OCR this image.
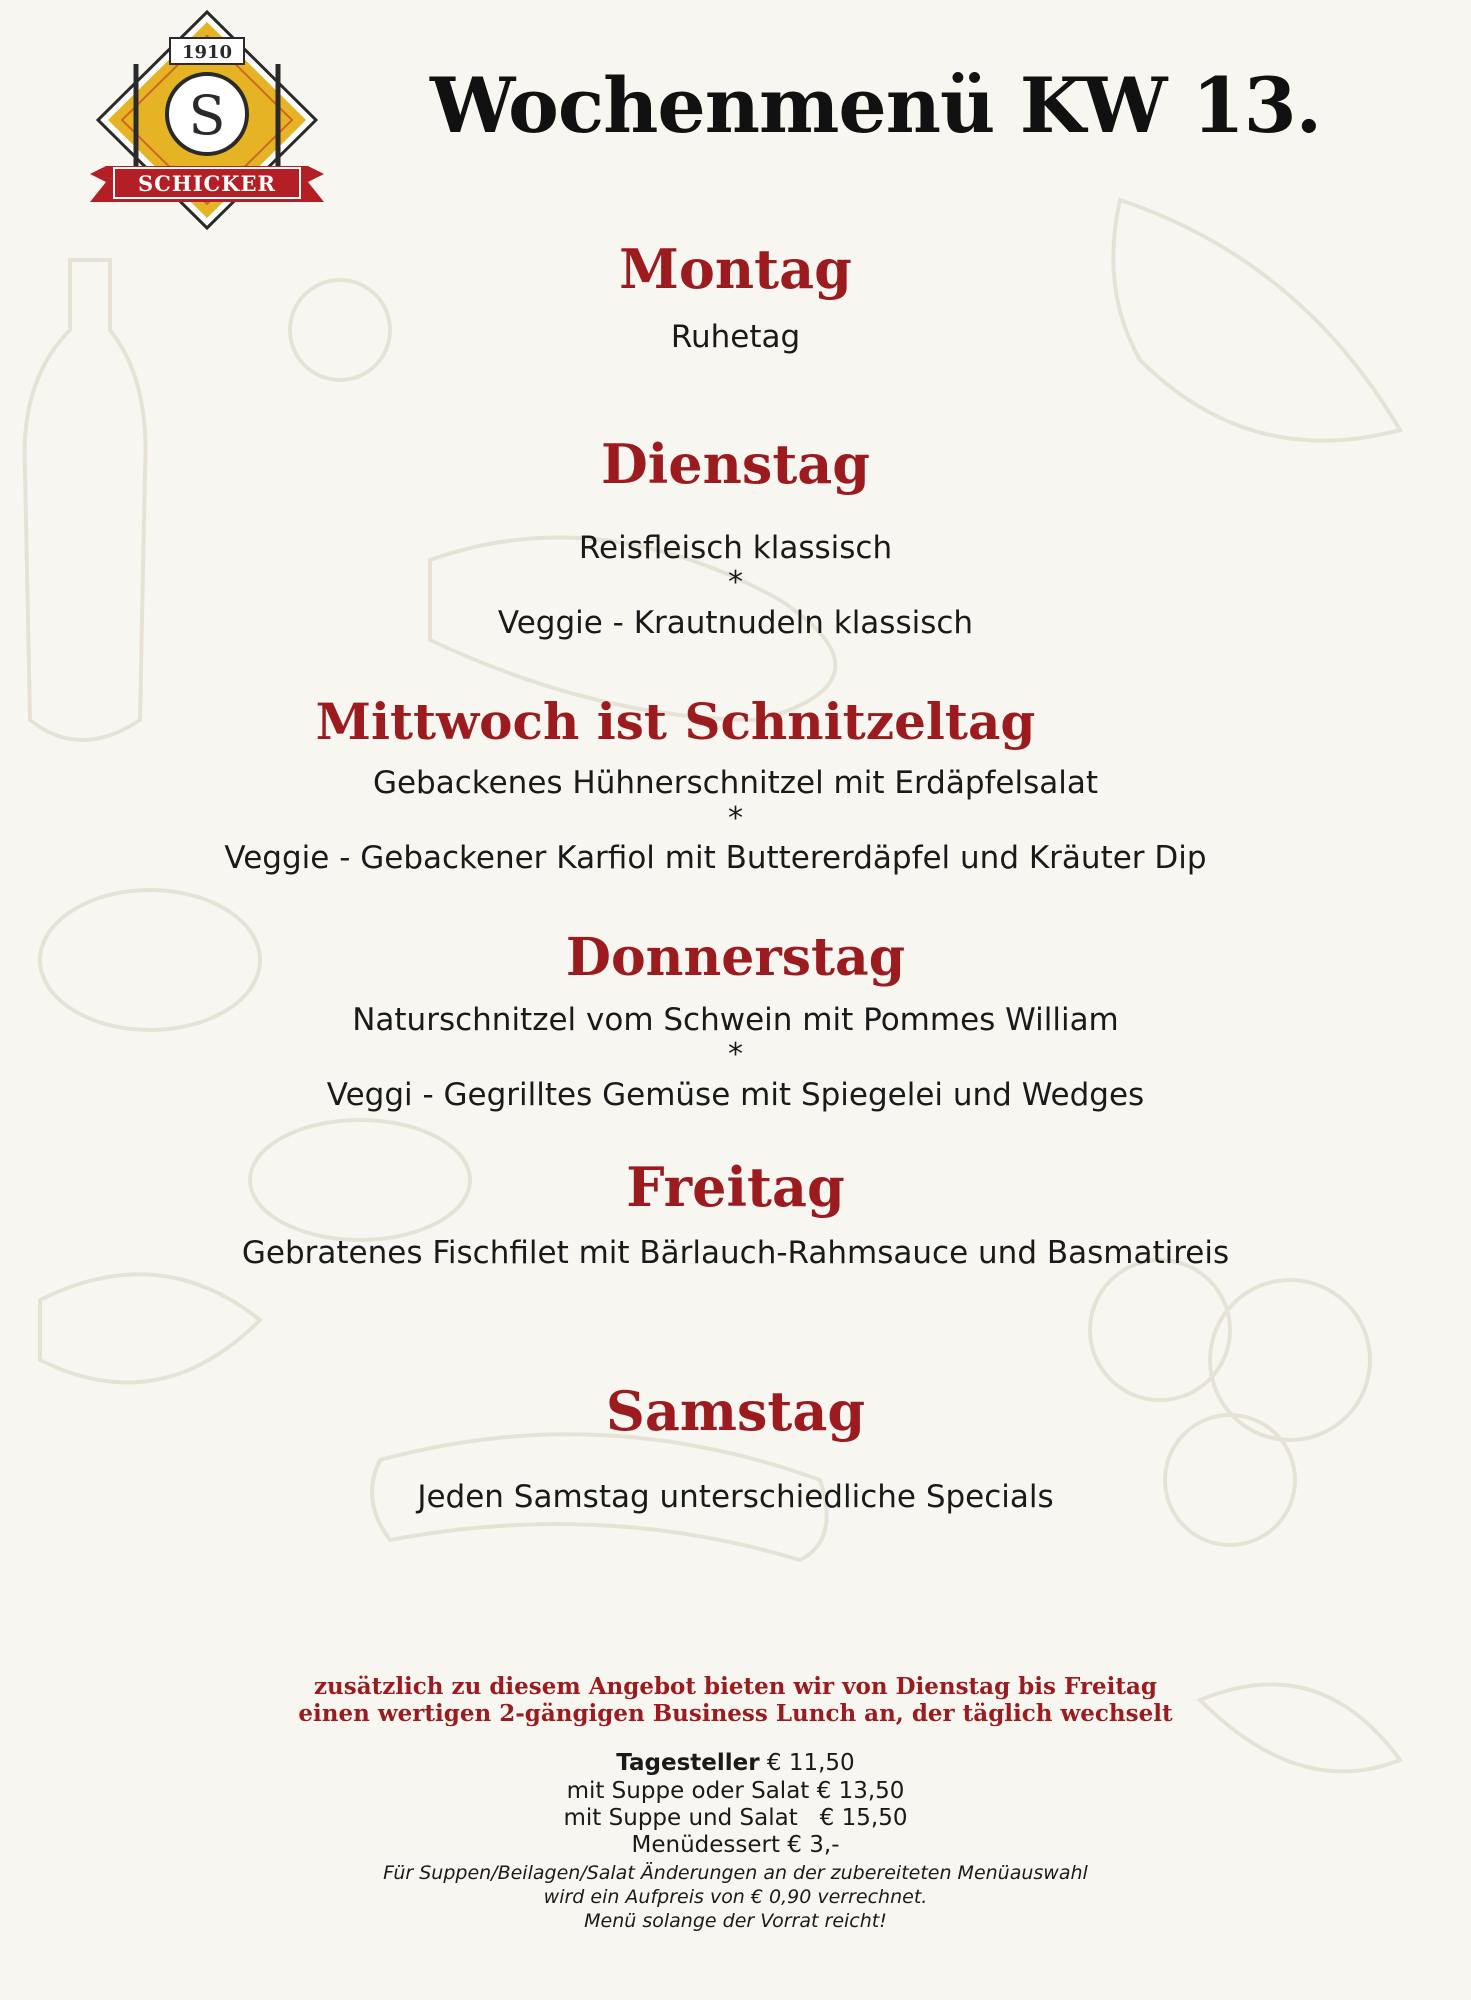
1910
S
SCHICKER
Wochenmenü KW 13.
Montag
Ruhetag
Dienstag
Reisfleisch klassisch
*
Veggie - Krautnudeln klassisch
Mittwoch ist Schnitzeltag
Gebackenes Hühnerschnitzel mit Erdäpfelsalat
*
Veggie - Gebackener Karfiol mit Buttererdäpfel und Kräuter Dip
Donnerstag
Naturschnitzel vom Schwein mit Pommes William
*
Veggi - Gegrilltes Gemüse mit Spiegelei und Wedges
Freitag
Gebratenes Fischfilet mit Bärlauch-Rahmsauce und Basmatireis
Samstag
Jeden Samstag unterschiedliche Specials
zusätzlich zu diesem Angebot bieten wir von Dienstag bis Freitag
einen wertigen 2-gängigen Business Lunch an, der täglich wechselt
Tagesteller € 11,50
mit Suppe oder Salat € 13,50
mit Suppe und Salat   € 15,50
Menüdessert € 3,-
Für Suppen/Beilagen/Salat Änderungen an der zubereiteten Menüauswahl
wird ein Aufpreis von € 0,90 verrechnet.
Menü solange der Vorrat reicht!
